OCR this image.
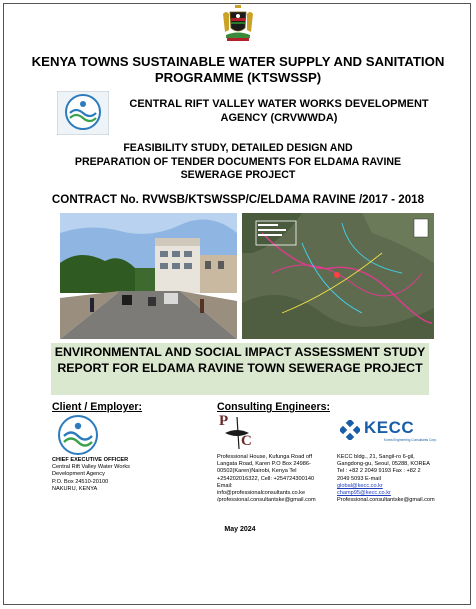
KENYA TOWNS SUSTAINABLE WATER SUPPLY AND SANITATION PROGRAMME (KTSWSSP)
CENTRAL RIFT VALLEY WATER WORKS DEVELOPMENT AGENCY (CRVWWDA)
FEASIBILITY STUDY, DETAILED DESIGN AND
PREPARATION OF TENDER DOCUMENTS FOR ELDAMA RAVINE
SEWERAGE PROJECT
CONTRACT No. RVWSB/KTSWSSP/C/ELDAMA RAVINE /2017 - 2018
ENVIRONMENTAL AND SOCIAL IMPACT ASSESSMENT STUDY REPORT FOR ELDAMA RAVINE TOWN SEWERAGE PROJECT
Client / Employer:
CHIEF EXECUTIVE OFFICER
Central Rift Valley Water Works
Development Agency
P.O. Box 24510-20100
NAKURU, KENYA
Consulting Engineers:
P
C
Professional House, Kufunga Road off
Langata Road, Karen P.O Box 24986-
00502(Karen)Nairobi, Kenya Tel
+254202016322, Cell: +254724300140
Email:
info@professionalconsultants.co.ke
/professional.consultantske@gmail.com
KECC
Korea Engineering Consultants Corp.
KECC bldg., 21, Sangil-ro 6-gil,
Gangdong-gu, Seoul, 05288, KOREA
Tel : +82 2 2049 9193 Fax : +82 2
2049 5093 E-mail
global@kecc.co.kr
champ95@kecc.co.kr
Professional.consultantske@gmail.com
May 2024
